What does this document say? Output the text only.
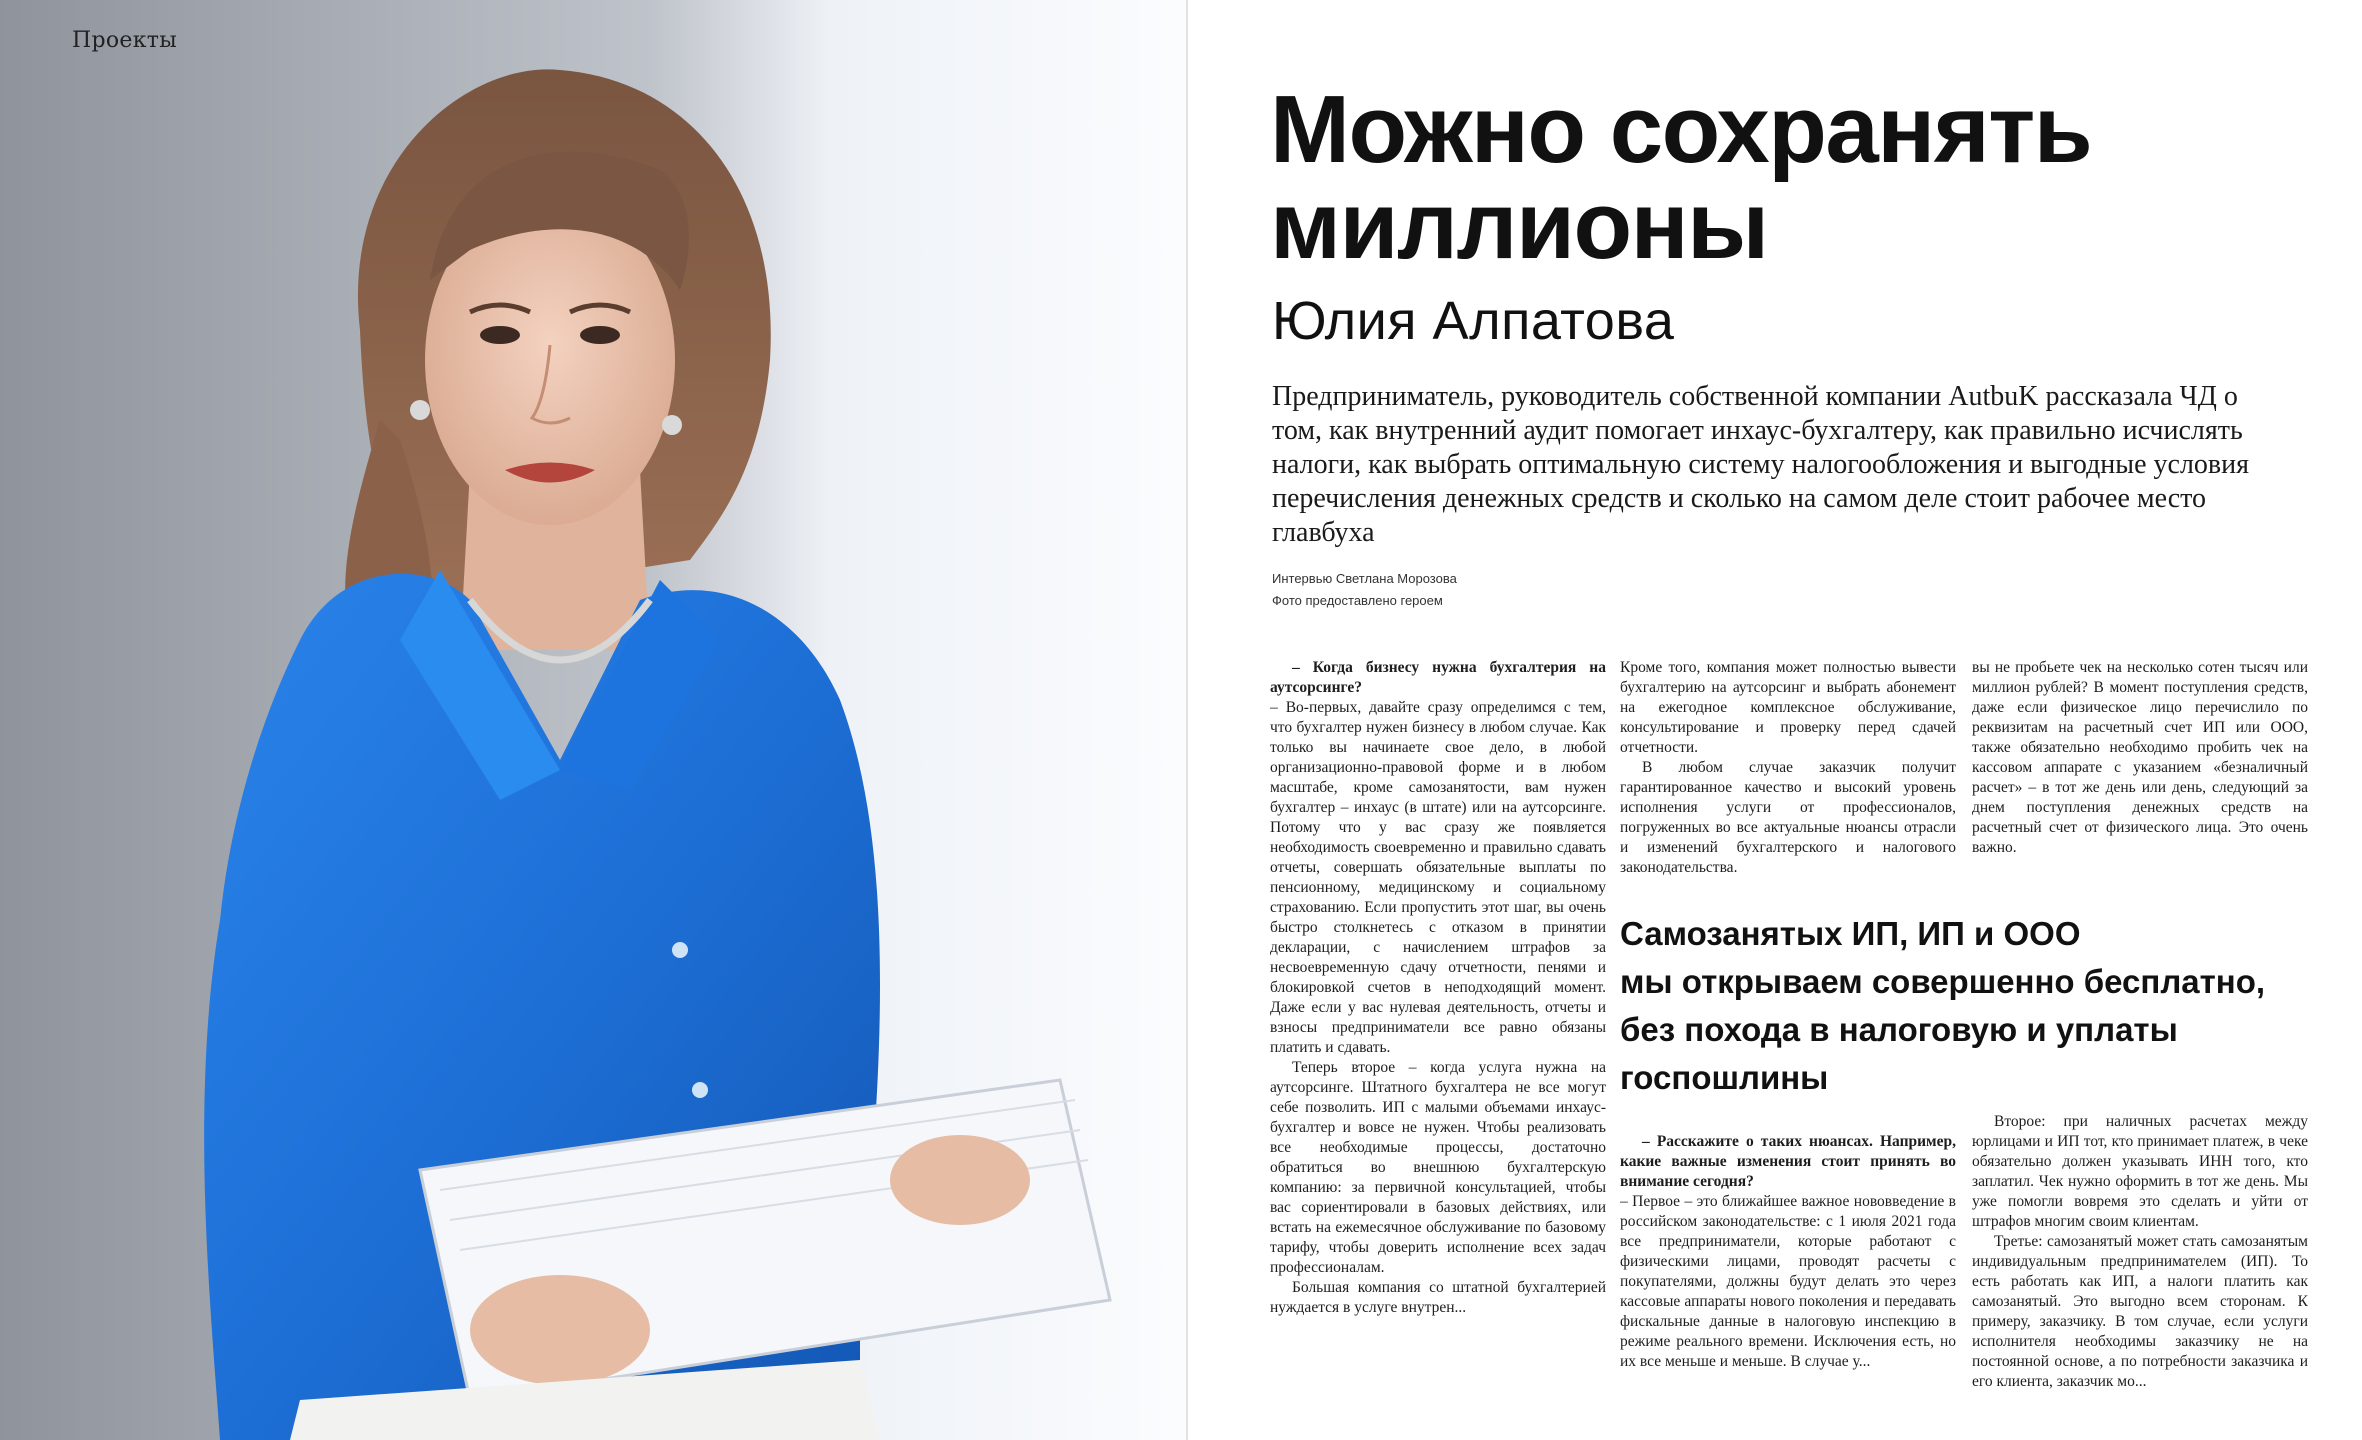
Проекты
Можно сохранять
миллионы
Юлия Алпатова

Предприниматель, руководитель собственной компании AutbuK рассказала ЧД о том, как внутренний аудит помогает инхаус-бухгалтеру, как правильно исчислять налоги, как выбрать оптимальную систему налогообложения и выгодные условия перечисления денежных средств и сколько на самом деле стоит рабочее место главбуха

Интервью Светлана Морозова
Фото предоставлено героем

– Когда бизнесу нужна бухгалтерия на аутсорсинге?

– Во-первых, давайте сразу определимся с тем, что бухгалтер нужен бизнесу в любом случае. Как только вы начинаете свое дело, в любой организационно-правовой форме и в любом масштабе, кроме самозанятости, вам нужен бухгалтер – инхаус (в штате) или на аутсорсинге. Потому что у вас сразу же появляется необходимость своевременно и правильно сдавать отчеты, совершать обязательные выплаты по пенсионному, медицинскому и социальному страхованию. Если пропустить этот шаг, вы очень быстро столкнетесь с отказом в принятии декларации, с начислением штрафов за несвоевременную сдачу отчетности, пенями и блокировкой счетов в неподходящий момент. Даже если у вас нулевая деятельность, отчеты и взносы предприниматели все равно обязаны платить и сдавать.

Теперь второе – когда услуга нужна на аутсорсинге. Штатного бухгалтера не все могут себе позволить. ИП с малыми объемами инхаус-бухгалтер и вовсе не нужен. Чтобы реализовать все необходимые процессы, достаточно обратиться во внешнюю бухгалтерскую компанию: за первичной консультацией, чтобы вас сориентировали в базовых действиях, или встать на ежемесячное обслуживание по базовому тарифу, чтобы доверить исполнение всех задач профессионалам.

Большая компания со штатной бухгалтерией нуждается в услуге внутрен...

Кроме того, компания может полностью вывести бухгалтерию на аутсорсинг и выбрать абонемент на ежегодное комплексное обслуживание, консультирование и проверку перед сдачей отчетности.

В любом случае заказчик получит гарантированное качество и высокий уровень исполнения услуги от профессионалов, погруженных во все актуальные нюансы отрасли и изменений бухгалтерского и налогового законодательства.

вы не пробьете чек на несколько сотен тысяч или миллион рублей? В момент поступления средств, даже если физическое лицо перечислило по реквизитам на расчетный счет ИП или ООО, также обязательно необходимо пробить чек на кассовом аппарате с указанием «безналичный расчет» – в тот же день или день, следующий за днем поступления денежных средств на расчетный счет от физического лица. Это очень важно.

Самозанятых ИП, ИП и ООО
мы открываем совершенно бесплатно,
без похода в налоговую и уплаты
госпошлины

– Расскажите о таких нюансах. Например, какие важные изменения стоит принять во внимание сегодня?

– Первое – это ближайшее важное нововведение в российском законодательстве: с 1 июля 2021 года все предприниматели, которые работают с физическими лицами, проводят расчеты с покупателями, должны будут делать это через кассовые аппараты нового поколения и передавать фискальные данные в налоговую инспекцию в режиме реального времени. Исключения есть, но их все меньше и меньше. В случае у...

Второе: при наличных расчетах между юрлицами и ИП тот, кто принимает платеж, в чеке обязательно должен указывать ИНН того, кто заплатил. Чек нужно оформить в тот же день. Мы уже помогли вовремя это сделать и уйти от штрафов многим своим клиентам.

Третье: самозанятый может стать самозанятым индивидуальным предпринимателем (ИП). То есть работать как ИП, а налоги платить как самозанятый. Это выгодно всем сторонам. К примеру, заказчику. В том случае, если услуги исполнителя необходимы заказчику не на постоянной основе, а по потребности заказчика и его клиента, заказчик мо...
